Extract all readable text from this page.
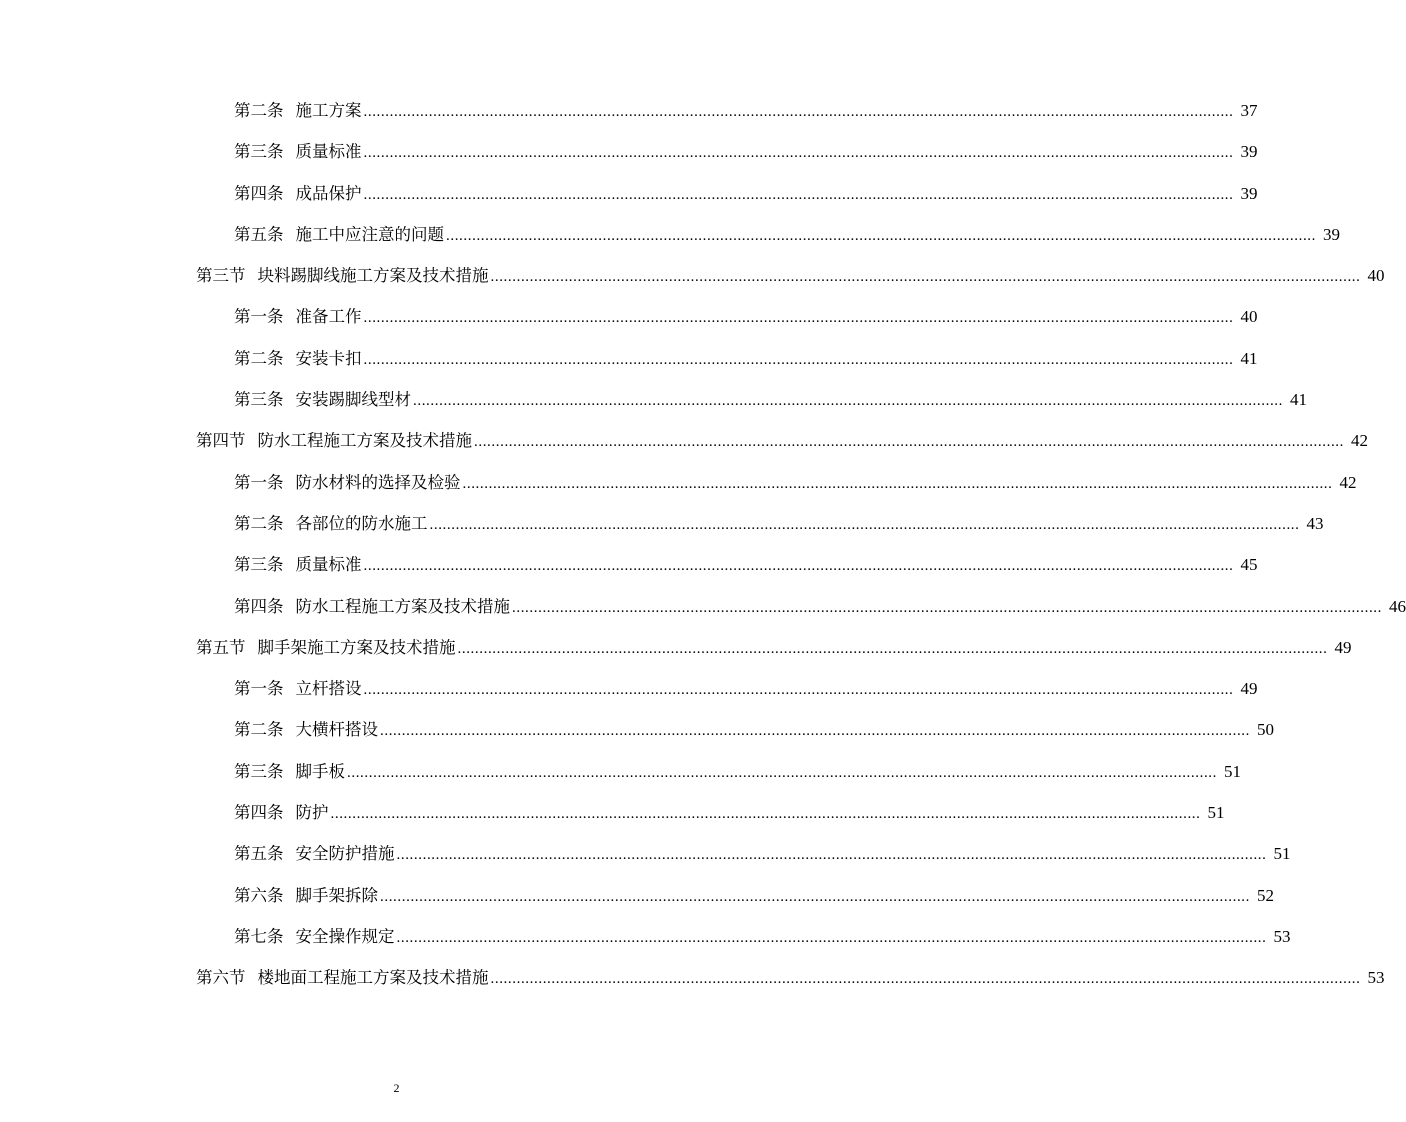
第二条 施工方案 ........................................................................................................................................................................................................ 37
第三条 质量标准 ........................................................................................................................................................................................................ 39
第四条 成品保护 ........................................................................................................................................................................................................ 39
第五条 施工中应注意的问题 ........................................................................................................................................................................................................ 39
第三节 块料踢脚线施工方案及技术措施 ........................................................................................................................................................................................................ 40
第一条 准备工作 ........................................................................................................................................................................................................ 40
第二条 安装卡扣 ........................................................................................................................................................................................................ 41
第三条 安装踢脚线型材 ........................................................................................................................................................................................................ 41
第四节 防水工程施工方案及技术措施 ........................................................................................................................................................................................................ 42
第一条 防水材料的选择及检验 ........................................................................................................................................................................................................ 42
第二条 各部位的防水施工 ........................................................................................................................................................................................................ 43
第三条 质量标准 ........................................................................................................................................................................................................ 45
第四条 防水工程施工方案及技术措施 ........................................................................................................................................................................................................ 46
第五节 脚手架施工方案及技术措施 ........................................................................................................................................................................................................ 49
第一条 立杆搭设 ........................................................................................................................................................................................................ 49
第二条 大横杆搭设 ........................................................................................................................................................................................................ 50
第三条 脚手板 ........................................................................................................................................................................................................ 51
第四条 防护 ........................................................................................................................................................................................................ 51
第五条 安全防护措施 ........................................................................................................................................................................................................ 51
第六条 脚手架拆除 ........................................................................................................................................................................................................ 52
第七条 安全操作规定 ........................................................................................................................................................................................................ 53
第六节 楼地面工程施工方案及技术措施 ........................................................................................................................................................................................................ 53
2
